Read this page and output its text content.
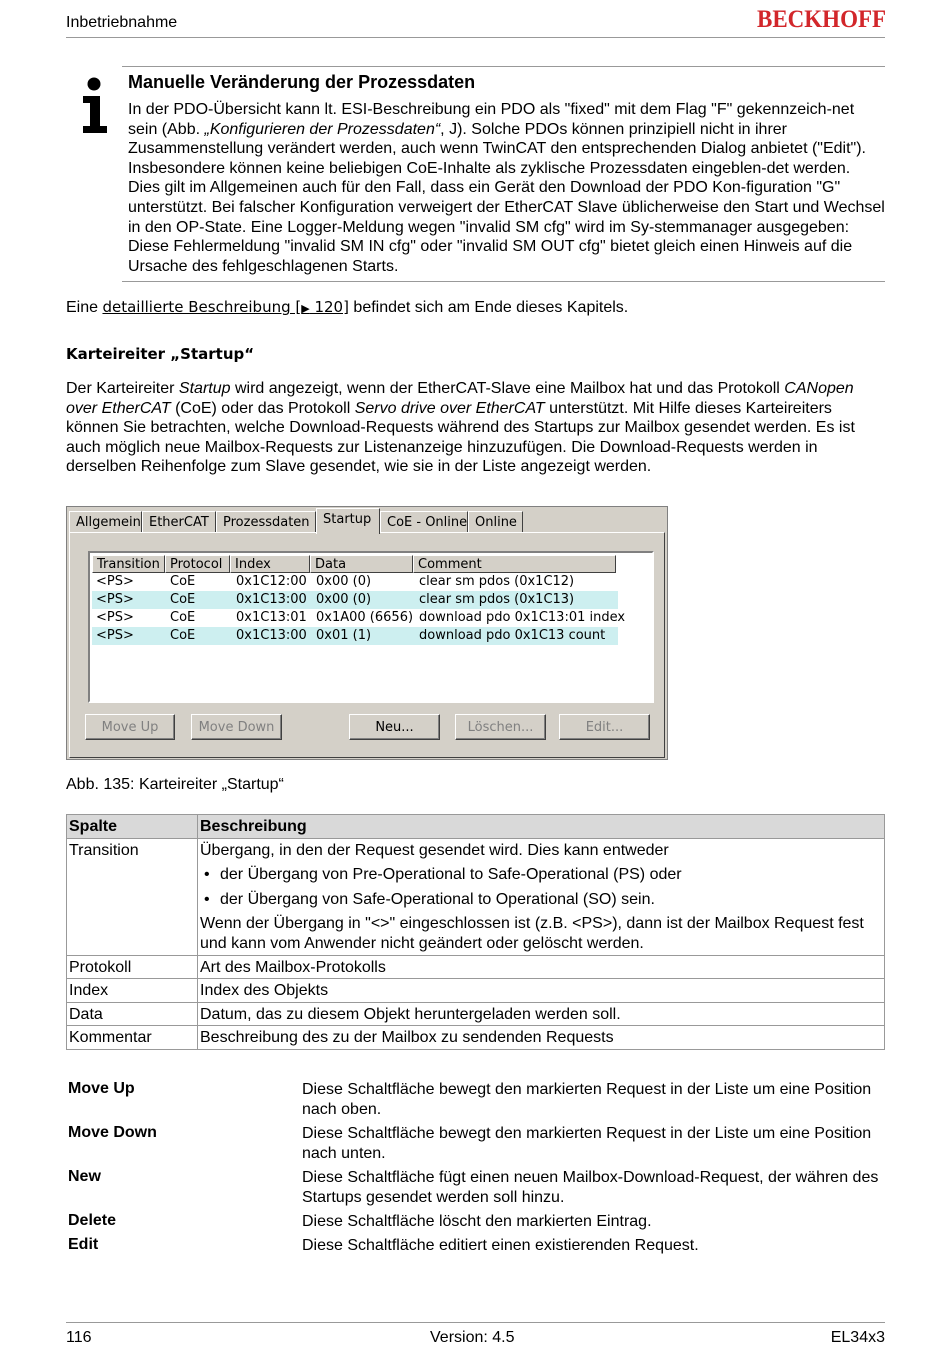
Inbetriebnahme	BECKHOFF
Manuelle Veränderung der Prozessdaten
In der PDO-Übersicht kann lt. ESI-Beschreibung ein PDO als "fixed" mit dem Flag "F" gekennzeich-net sein (Abb. „Konfigurieren der Prozessdaten“, J). Solche PDOs können prinzipiell nicht in ihrer Zusammenstellung verändert werden, auch wenn TwinCAT den entsprechenden Dialog anbietet ("Edit"). Insbesondere können keine beliebigen CoE-Inhalte als zyklische Prozessdaten eingeblen-det werden. Dies gilt im Allgemeinen auch für den Fall, dass ein Gerät den Download der PDO Kon-figuration "G" unterstützt. Bei falscher Konfiguration verweigert der EtherCAT Slave üblicherweise den Start und Wechsel in den OP-State. Eine Logger-Meldung wegen "invalid SM cfg" wird im Sy-stemmanager ausgegeben: Diese Fehlermeldung "invalid SM IN cfg" oder "invalid SM OUT cfg" bietet gleich einen Hinweis auf die Ursache des fehlgeschlagenen Starts.
Eine detaillierte Beschreibung [▶ 120] befindet sich am Ende dieses Kapitels.
Karteireiter „Startup“
Der Karteireiter Startup wird angezeigt, wenn der EtherCAT-Slave eine Mailbox hat und das Protokoll CANopen over EtherCAT (CoE) oder das Protokoll Servo drive over EtherCAT unterstützt. Mit Hilfe dieses Karteireiters können Sie betrachten, welche Download-Requests während des Startups zur Mailbox gesendet werden. Es ist auch möglich neue Mailbox-Requests zur Listenanzeige hinzuzufügen. Die Download-Requests werden in derselben Reihenfolge zum Slave gesendet, wie sie in der Liste angezeigt werden.
Allgemein EtherCAT	Prozessdaten	Startup	CoE - Online Online
Transition Protocol Index	Data	Comment
<PS>	CoE	0x1C12:00 0x00 (0)	clear sm pdos (0x1C12)
<PS>	CoE	0x1C13:00 0x00 (0)	clear sm pdos (0x1C13)
<PS>	CoE	0x1C13:01 0x1A00 (6656) download pdo 0x1C13:01 index
<PS>	CoE	0x1C13:00 0x01 (1)	download pdo 0x1C13 count
Move Up	Move Down	Neu...	Löschen...	Edit...
Abb. 135: Karteireiter „Startup“
Spalte	Beschreibung
Transition	Übergang, in den der Request gesendet wird. Dies kann entweder
• der Übergang von Pre-Operational to Safe-Operational (PS) oder
• der Übergang von Safe-Operational to Operational (SO) sein.
Wenn der Übergang in "<>" eingeschlossen ist (z.B. <PS>), dann ist der Mailbox Request fest und kann vom Anwender nicht geändert oder gelöscht werden.

Protokoll	Art des Mailbox-Protokolls
Index	Index des Objekts
Data	Datum, das zu diesem Objekt heruntergeladen werden soll.
Kommentar	Beschreibung des zu der Mailbox zu sendenden Requests
Move Up	Diese Schaltfläche bewegt den markierten Request in der Liste um eine Position nach oben.
Move Down	Diese Schaltfläche bewegt den markierten Request in der Liste um eine Position nach unten.
New	Diese Schaltfläche fügt einen neuen Mailbox-Download-Request, der währen des Startups gesendet werden soll hinzu.
Delete	Diese Schaltfläche löscht den markierten Eintrag.
Edit	Diese Schaltfläche editiert einen existierenden Request.
116	Version: 4.5	EL34x3
